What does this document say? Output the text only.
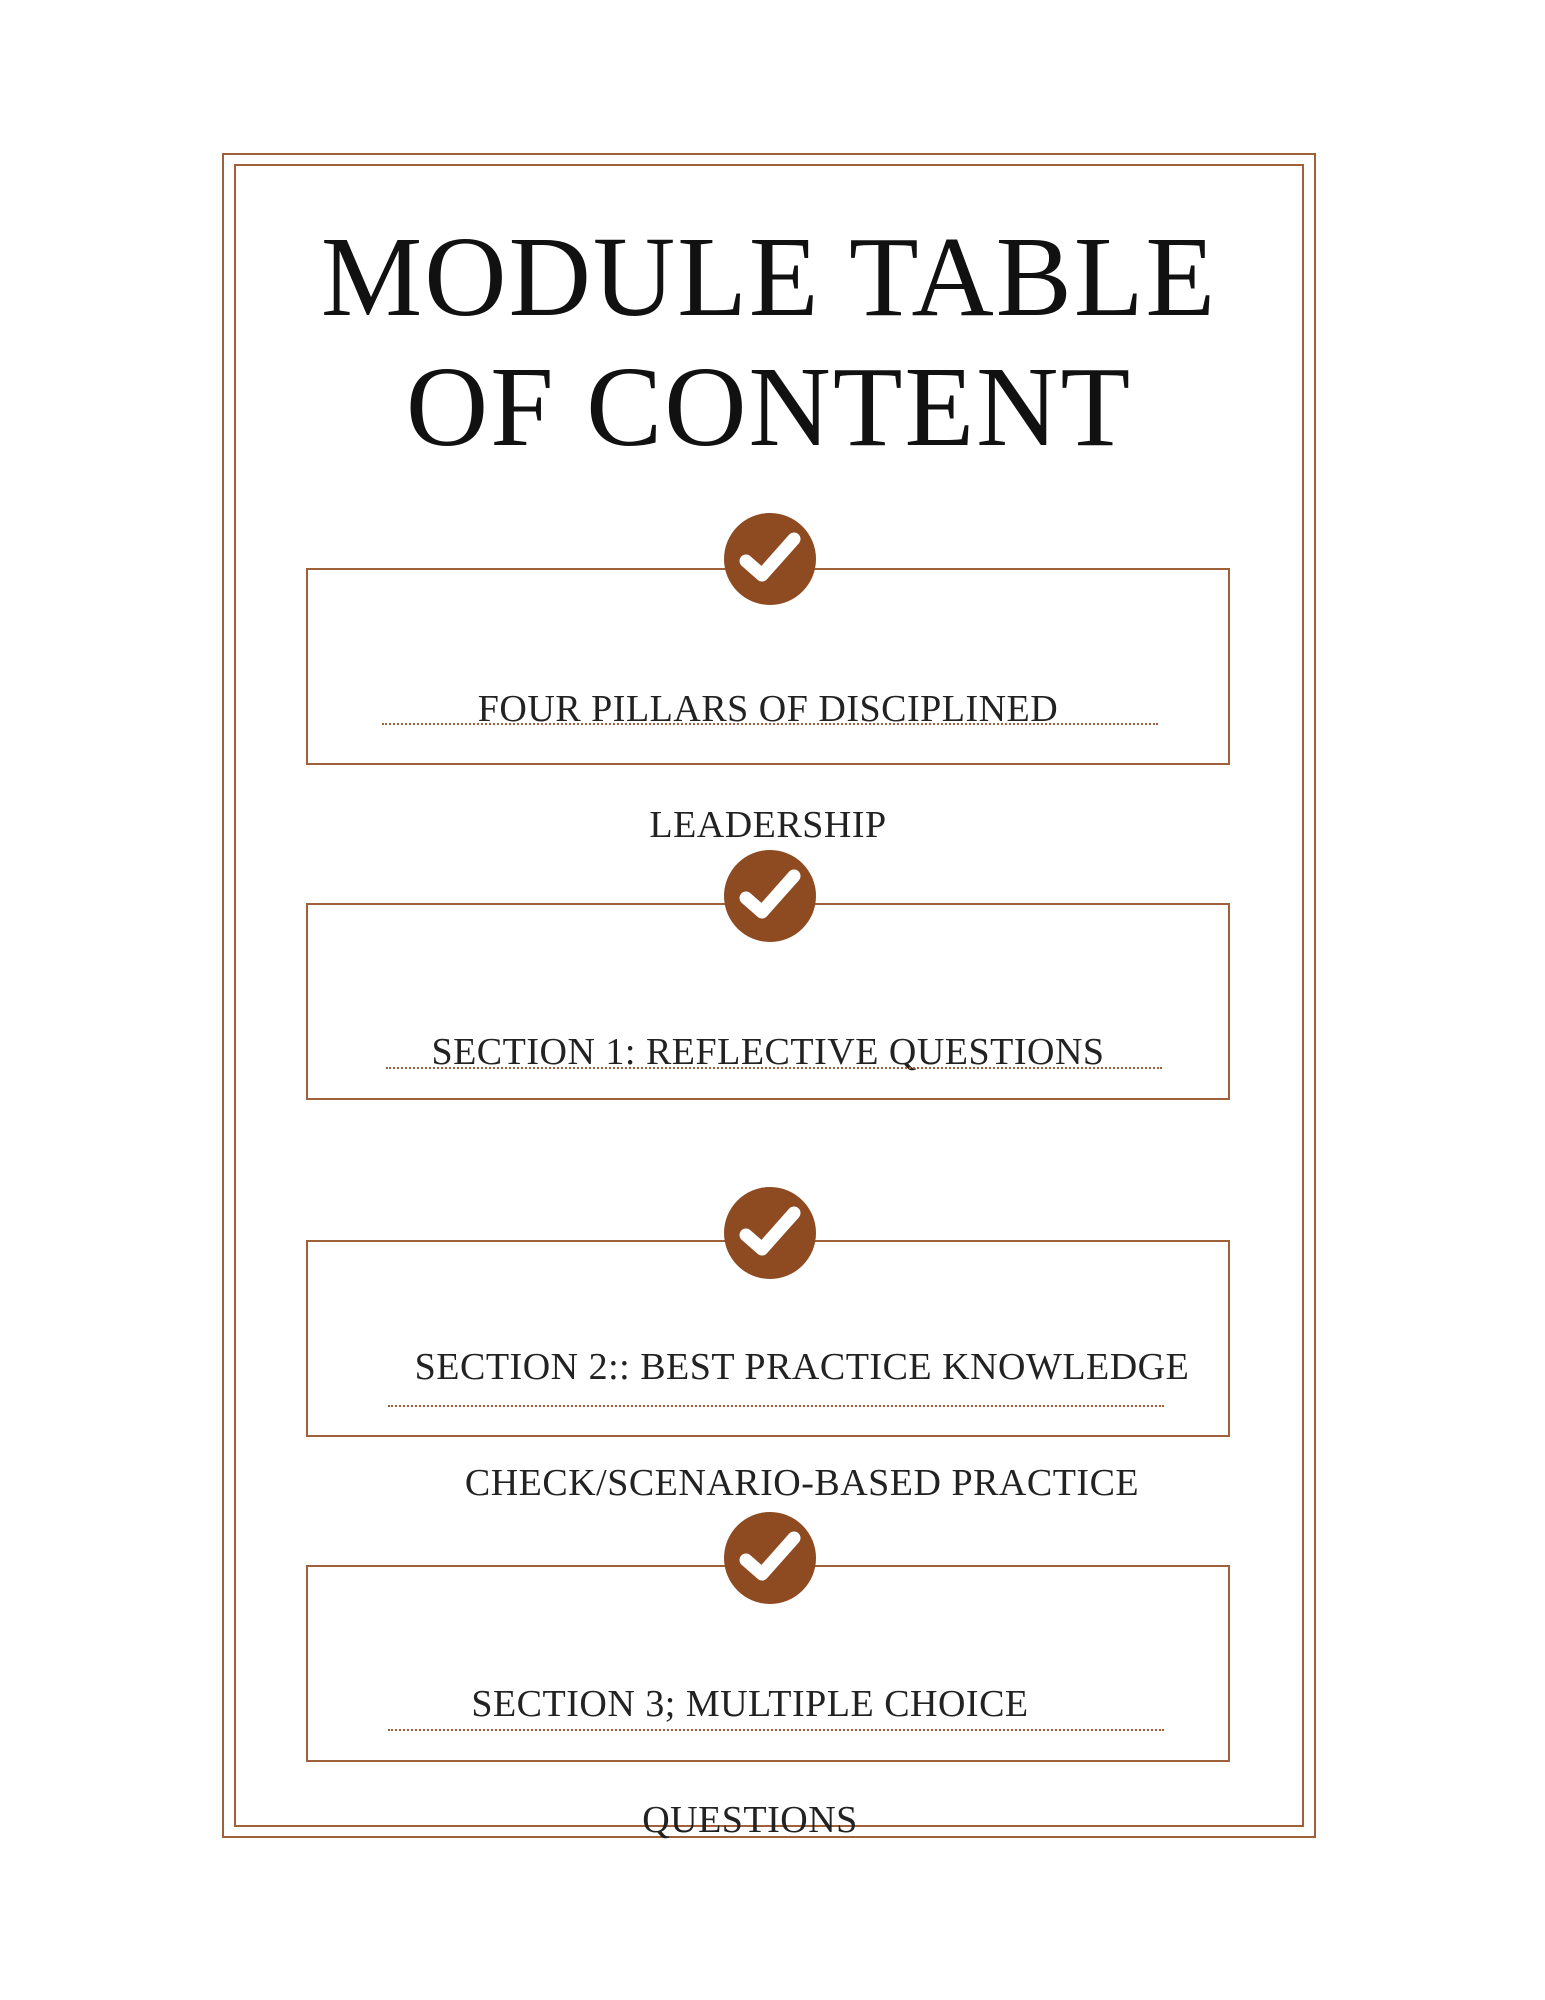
MODULE TABLE
OF CONTENT

FOUR PILLARS OF DISCIPLINED

LEADERSHIP

SECTION 1: REFLECTIVE QUESTIONS

SECTION 2:: BEST PRACTICE KNOWLEDGE

CHECK/SCENARIO-BASED PRACTICE

SECTION 3; MULTIPLE CHOICE

QUESTIONS
